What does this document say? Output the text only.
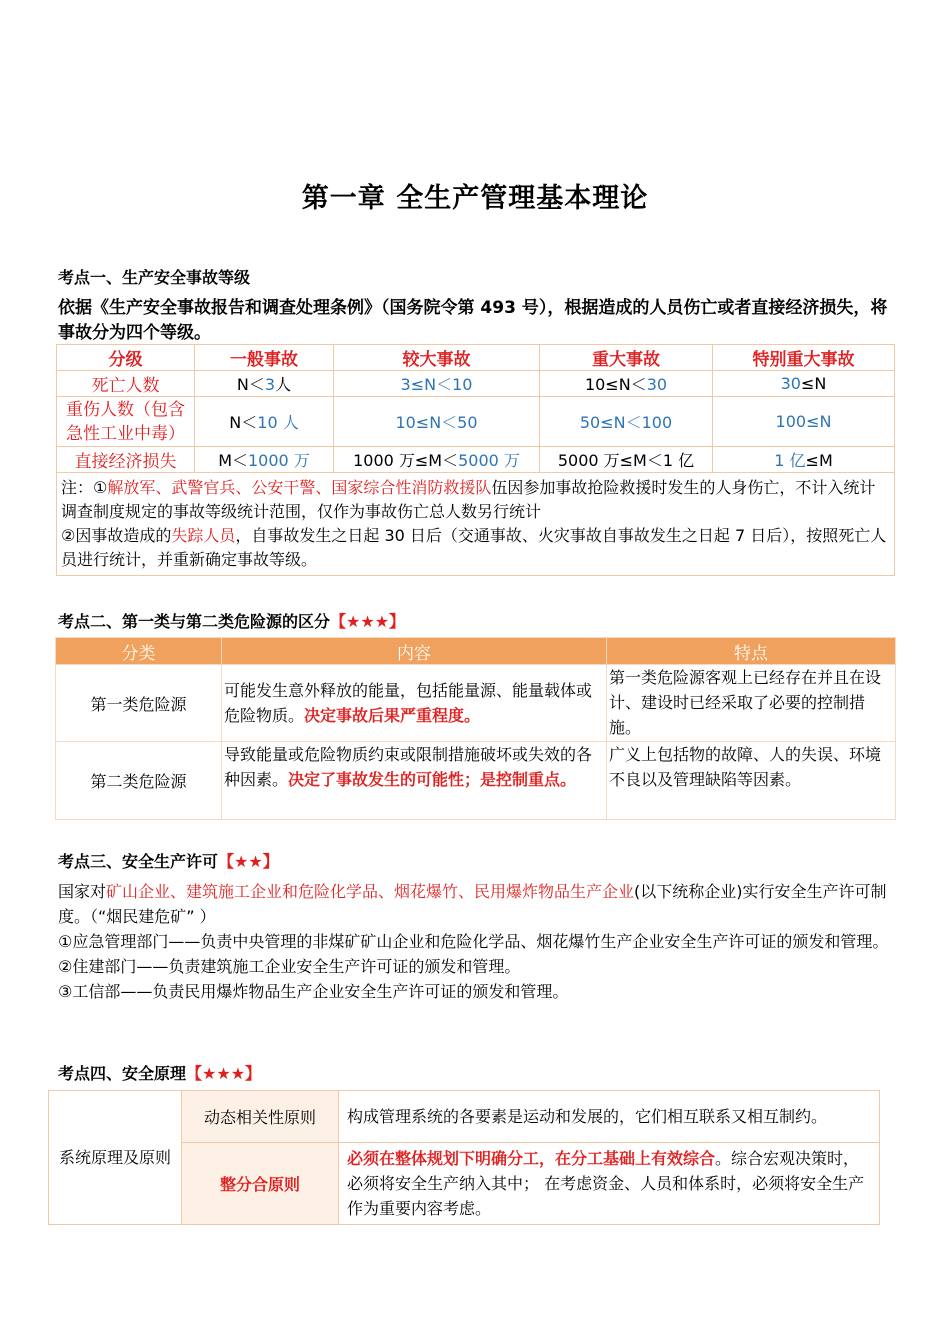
第一章 全生产管理基本理论
考点一、生产安全事故等级
依据《生产安全事故报告和调查处理条例》（国务院令第 493 号），根据造成的人员伤亡或者直接经济损失，将事故分为四个等级。
分级	一般事故	较大事故	重大事故	特别重大事故
死亡人数	N＜3人	3≤N＜10	10≤N＜30	30≤N
重伤人数（包含急性工业中毒）	N＜10 人	10≤N＜50	50≤N＜100	100≤N
直接经济损失	M＜1000 万	1000 万≤M＜5000 万	5000 万≤M＜1 亿	1 亿≤M
注：①解放军、武警官兵、公安干警、国家综合性消防救援队伍因参加事故抢险救援时发生的人身伤亡，不计入统计调查制度规定的事故等级统计范围，仅作为事故伤亡总人数另行统计
②因事故造成的失踪人员，自事故发生之日起 30 日后（交通事故、火灾事故自事故发生之日起 7 日后），按照死亡人员进行统计，并重新确定事故等级。				
考点二、第一类与第二类危险源的区分【★★★】
分类	内容	特点
第一类危险源	可能发生意外释放的能量，包括能量源、能量载体或危险物质。决定事故后果严重程度。	第一类危险源客观上已经存在并且在设计、建设时已经采取了必要的控制措施。
第二类危险源	导致能量或危险物质约束或限制措施破坏或失效的各种因素。决定了事故发生的可能性；是控制重点。	广义上包括物的故障、人的失误、环境不良以及管理缺陷等因素。
考点三、安全生产许可【★★】
国家对矿山企业、建筑施工企业和危险化学品、烟花爆竹、民用爆炸物品生产企业(以下统称企业)实行安全生产许可制度。（“烟民建危矿” ）
①应急管理部门——负责中央管理的非煤矿矿山企业和危险化学品、烟花爆竹生产企业安全生产许可证的颁发和管理。
②住建部门——负责建筑施工企业安全生产许可证的颁发和管理。
③工信部——负责民用爆炸物品生产企业安全生产许可证的颁发和管理。
考点四、安全原理【★★★】
系统原理及原则	动态相关性原则	构成管理系统的各要素是运动和发展的，它们相互联系又相互制约。
	整分合原则	必须在整体规划下明确分工，在分工基础上有效综合。综合宏观决策时，必须将安全生产纳入其中； 在考虑资金、人员和体系时，必须将安全生产作为重要内容考虑。
